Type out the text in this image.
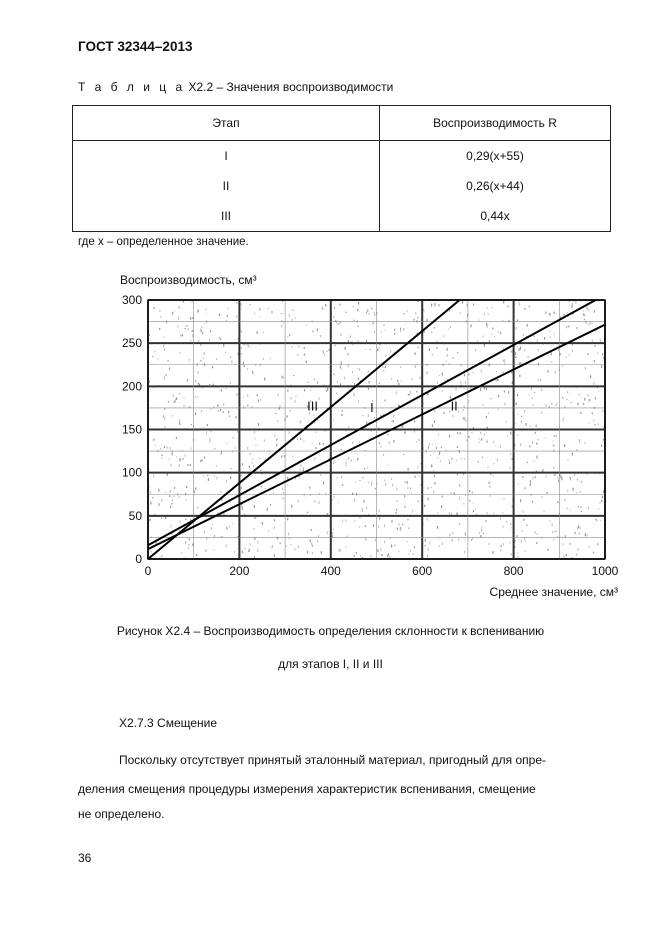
ГОСТ 32344–2013
Т а б л и ц а Х2.2 – Значения воспроизводимости
Этап	Воспроизводимость R
I	0,29(x+55)
II	0,26(x+44)
III	0,44x
где x – определенное значение.
0	200	400	600	800	1000
0
50
100
150
200
250
300
I	II
III
Воспроизводимость, см³
Среднее значение, см³
Рисунок Х2.4 – Воспроизводимость определения склонности к вспениванию
для этапов I, II и III
Х2.7.3 Смещение
Поскольку отсутствует принятый эталонный материал, пригодный для опре-
деления смещения процедуры измерения характеристик вспенивания, смещение
не определено.
36
